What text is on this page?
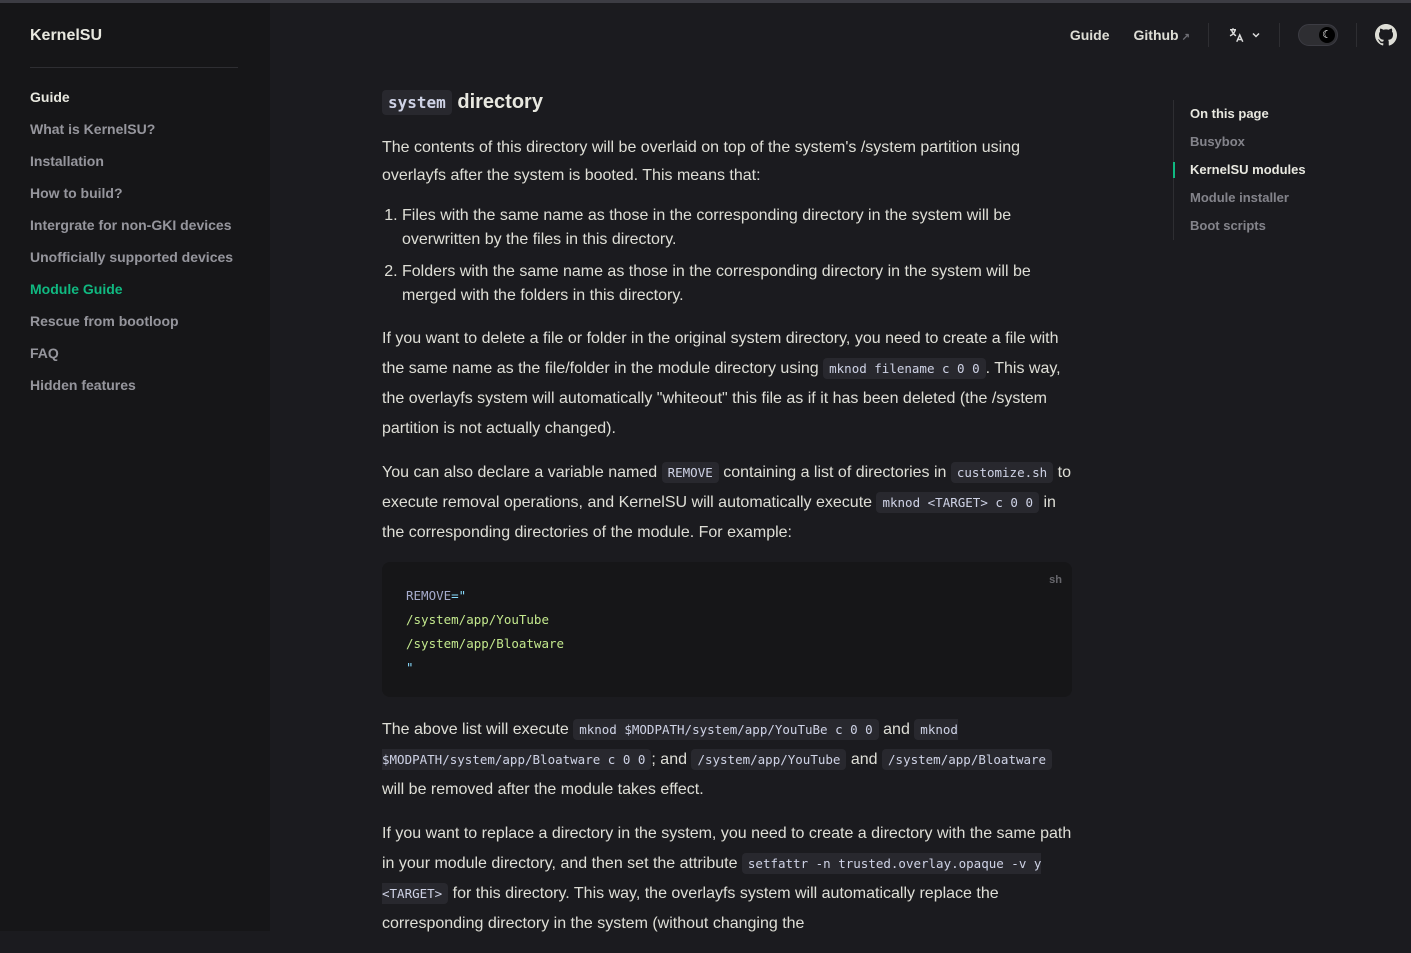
KernelSU
Guide
What is KernelSU?
Installation
How to build?
Intergrate for non-GKI devices
Unofficially supported devices
Module Guide
Rescue from bootloop
FAQ
Hidden features
Guide Github ↗	☾
system directory

The contents of this directory will be overlaid on top of the system's /system partition using overlayfs after the system is booted. This means that:

1. Files with the same name as those in the corresponding directory in the system will be overwritten by the files in this directory.
2. Folders with the same name as those in the corresponding directory in the system will be merged with the folders in this directory.

If you want to delete a file or folder in the original system directory, you need to create a file with the same name as the file/folder in the module directory using mknod filename c 0 0 . This way, the overlayfs system will automatically "whiteout" this file as if it has been deleted (the /system partition is not actually changed).

You can also declare a variable named REMOVE containing a list of directories in customize.sh to execute removal operations, and KernelSU will automatically execute mknod <TARGET> c 0 0 in the corresponding directories of the module. For example:

sh
REMOVE="
/system/app/YouTube
/system/app/Bloatware
"

The above list will execute mknod $MODPATH/system/app/YouTuBe c 0 0 and mknod $MODPATH/system/app/Bloatware c 0 0 ; and /system/app/YouTube and /system/app/Bloatware will be removed after the module takes effect.

If you want to replace a directory in the system, you need to create a directory with the same path in your module directory, and then set the attribute setfattr -n trusted.overlay.opaque -v y <TARGET> for this directory. This way, the overlayfs system will automatically replace the corresponding directory in the system (without changing the

On this page
Busybox
KernelSU modules
Module installer
Boot scripts
